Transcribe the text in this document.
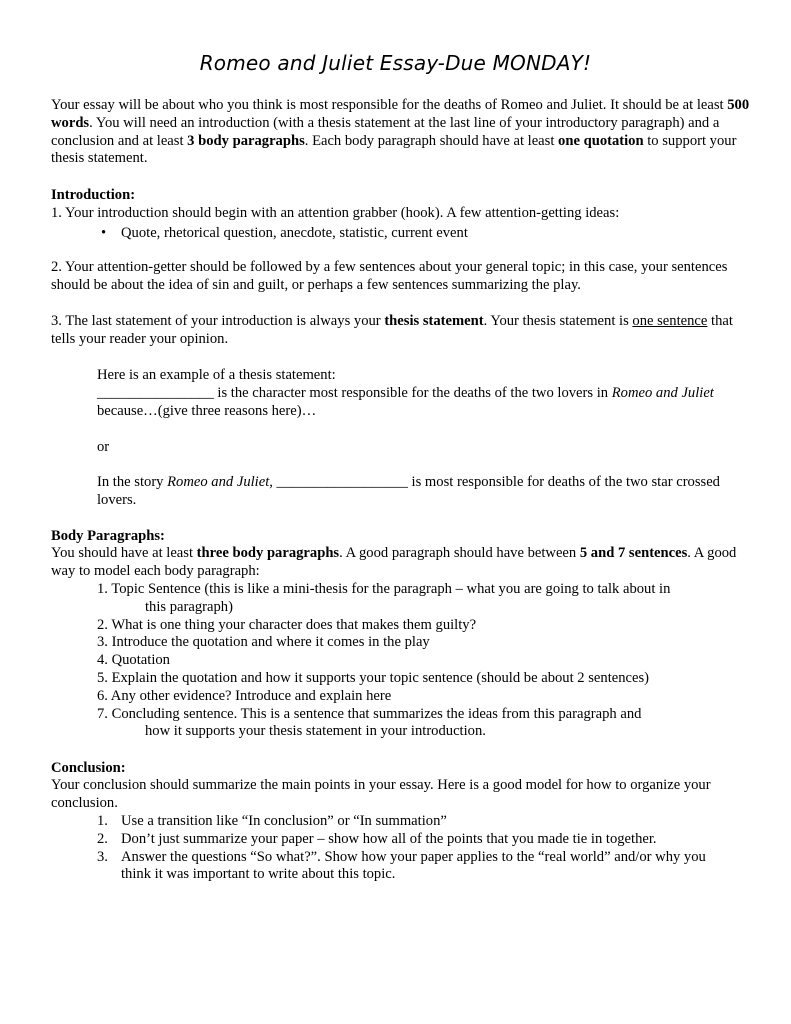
Romeo and Juliet Essay-Due MONDAY!

Your essay will be about who you think is most responsible for the deaths of Romeo and Juliet. It should be at least 500 words. You will need an introduction (with a thesis statement at the last line of your introductory paragraph) and a conclusion and at least 3 body paragraphs. Each body paragraph should have at least one quotation to support your thesis statement.

Introduction:

1. Your introduction should begin with an attention grabber (hook). A few attention-getting ideas:

• Quote, rhetorical question, anecdote, statistic, current event

2. Your attention-getter should be followed by a few sentences about your general topic; in this case, your sentences should be about the idea of sin and guilt, or perhaps a few sentences summarizing the play.

3. The last statement of your introduction is always your thesis statement. Your thesis statement is one sentence that tells your reader your opinion.

Here is an example of a thesis statement:

________________ is the character most responsible for the deaths of the two lovers in Romeo and Juliet because…(give three reasons here)…

or

In the story Romeo and Juliet, __________________ is most responsible for deaths of the two star crossed lovers.

Body Paragraphs:

You should have at least three body paragraphs. A good paragraph should have between 5 and 7 sentences. A good way to model each body paragraph:

1. Topic Sentence (this is like a mini-thesis for the paragraph – what you are going to talk about in
this paragraph)
2. What is one thing your character does that makes them guilty?
3. Introduce the quotation and where it comes in the play
4. Quotation
5. Explain the quotation and how it supports your topic sentence (should be about 2 sentences)
6. Any other evidence? Introduce and explain here
7. Concluding sentence. This is a sentence that summarizes the ideas from this paragraph and
how it supports your thesis statement in your introduction.

Conclusion:

Your conclusion should summarize the main points in your essay. Here is a good model for how to organize your conclusion.

1. Use a transition like “In conclusion” or “In summation”
2. Don’t just summarize your paper – show how all of the points that you made tie in together.
3. Answer the questions “So what?”. Show how your paper applies to the “real world” and/or why you think it was important to write about this topic.
